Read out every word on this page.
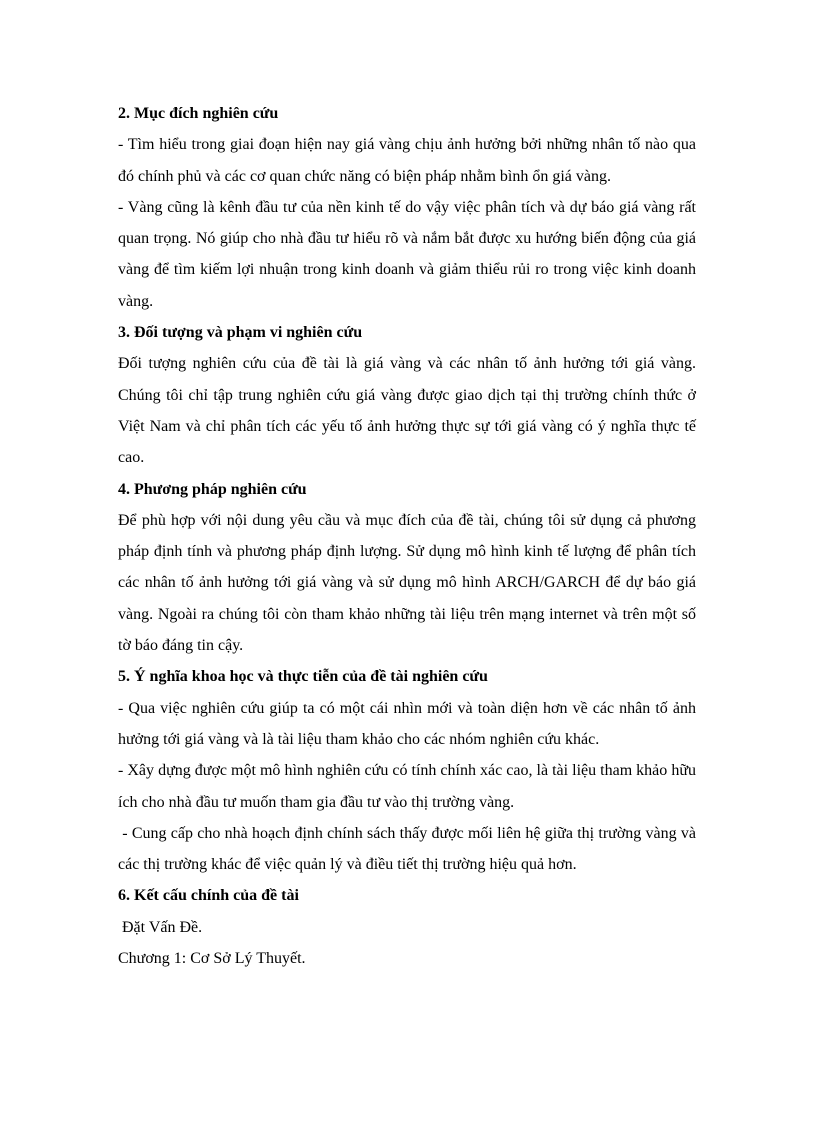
2. Mục đích nghiên cứu

- Tìm hiểu trong giai đoạn hiện nay giá vàng chịu ảnh hưởng bởi những nhân tố nào qua đó chính phủ và các cơ quan chức năng có biện pháp nhằm bình ổn giá vàng.

- Vàng cũng là kênh đầu tư của nền kinh tế do vậy việc phân tích và dự báo giá vàng rất quan trọng. Nó giúp cho nhà đầu tư hiểu rõ và nắm bắt được xu hướng biến động của giá vàng để tìm kiếm lợi nhuận trong kinh doanh và giảm thiểu rủi ro trong việc kinh doanh vàng.

3. Đối tượng và phạm vi nghiên cứu

Đối tượng nghiên cứu của đề tài là giá vàng và các nhân tố ảnh hưởng tới giá vàng. Chúng tôi chỉ tập trung nghiên cứu giá vàng được giao dịch tại thị trường chính thức ở Việt Nam và chỉ phân tích các yếu tố ảnh hưởng thực sự tới giá vàng có ý nghĩa thực tế cao.

4. Phương pháp nghiên cứu

Để phù hợp với nội dung yêu cầu và mục đích của đề tài, chúng tôi sử dụng cả phương pháp định tính và phương pháp định lượng. Sử dụng mô hình kinh tế lượng để phân tích các nhân tố ảnh hưởng tới giá vàng và sử dụng mô hình ARCH/GARCH để dự báo giá vàng. Ngoài ra chúng tôi còn tham khảo những tài liệu trên mạng internet và trên một số tờ báo đáng tin cậy.

5. Ý nghĩa khoa học và thực tiễn của đề tài nghiên cứu

- Qua việc nghiên cứu giúp ta có một cái nhìn mới và toàn diện hơn về các nhân tố ảnh hưởng tới giá vàng và là tài liệu tham khảo cho các nhóm nghiên cứu khác.

- Xây dựng được một mô hình nghiên cứu có tính chính xác cao, là tài liệu tham khảo hữu ích cho nhà đầu tư muốn tham gia đầu tư vào thị trường vàng.

- Cung cấp cho nhà hoạch định chính sách thấy được mối liên hệ giữa thị trường vàng và các thị trường khác để việc quản lý và điều tiết thị trường hiệu quả hơn.

6. Kết cấu chính của đề tài

Đặt Vấn Đề.

Chương 1: Cơ Sở Lý Thuyết.
